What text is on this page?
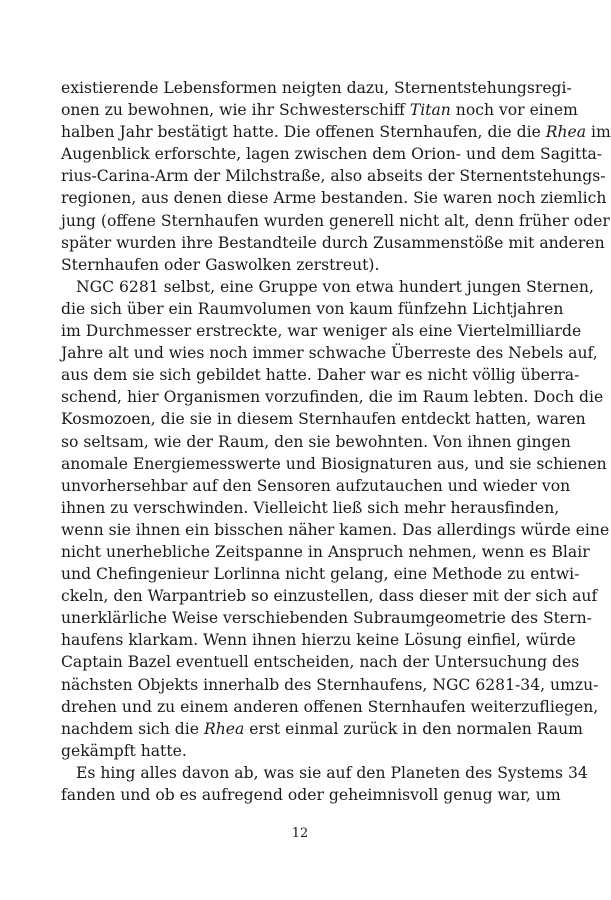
existierende Lebensformen neigten dazu, Sternentstehungsregi-
onen zu bewohnen, wie ihr Schwesterschiff Titan noch vor einem
halben Jahr bestätigt hatte. Die offenen Sternhaufen, die die Rhea im
Augenblick erforschte, lagen zwischen dem Orion- und dem Sagitta-
rius-Carina-Arm der Milchstraße, also abseits der Sternentstehungs-
regionen, aus denen diese Arme bestanden. Sie waren noch ziemlich
jung (offene Sternhaufen wurden generell nicht alt, denn früher oder
später wurden ihre Bestandteile durch Zusammenstöße mit anderen
Sternhaufen oder Gaswolken zerstreut).
NGC 6281 selbst, eine Gruppe von etwa hundert jungen Sternen,
die sich über ein Raumvolumen von kaum fünfzehn Lichtjahren
im Durchmesser erstreckte, war weniger als eine Viertelmilliarde
Jahre alt und wies noch immer schwache Überreste des Nebels auf,
aus dem sie sich gebildet hatte. Daher war es nicht völlig überra-
schend, hier Organismen vorzufinden, die im Raum lebten. Doch die
Kosmozoen, die sie in diesem Sternhaufen entdeckt hatten, waren
so seltsam, wie der Raum, den sie bewohnten. Von ihnen gingen
anomale Energiemesswerte und Biosignaturen aus, und sie schienen
unvorhersehbar auf den Sensoren aufzutauchen und wieder von
ihnen zu verschwinden. Vielleicht ließ sich mehr herausfinden,
wenn sie ihnen ein bisschen näher kamen. Das allerdings würde eine
nicht unerhebliche Zeitspanne in Anspruch nehmen, wenn es Blair
und Chefingenieur Lorlinna nicht gelang, eine Methode zu entwi-
ckeln, den Warpantrieb so einzustellen, dass dieser mit der sich auf
unerklärliche Weise verschiebenden Subraumgeometrie des Stern-
haufens klarkam. Wenn ihnen hierzu keine Lösung einfiel, würde
Captain Bazel eventuell entscheiden, nach der Untersuchung des
nächsten Objekts innerhalb des Sternhaufens, NGC 6281-34, umzu-
drehen und zu einem anderen offenen Sternhaufen weiterzufliegen,
nachdem sich die Rhea erst einmal zurück in den normalen Raum
gekämpft hatte.
Es hing alles davon ab, was sie auf den Planeten des Systems 34
fanden und ob es aufregend oder geheimnisvoll genug war, um
12
